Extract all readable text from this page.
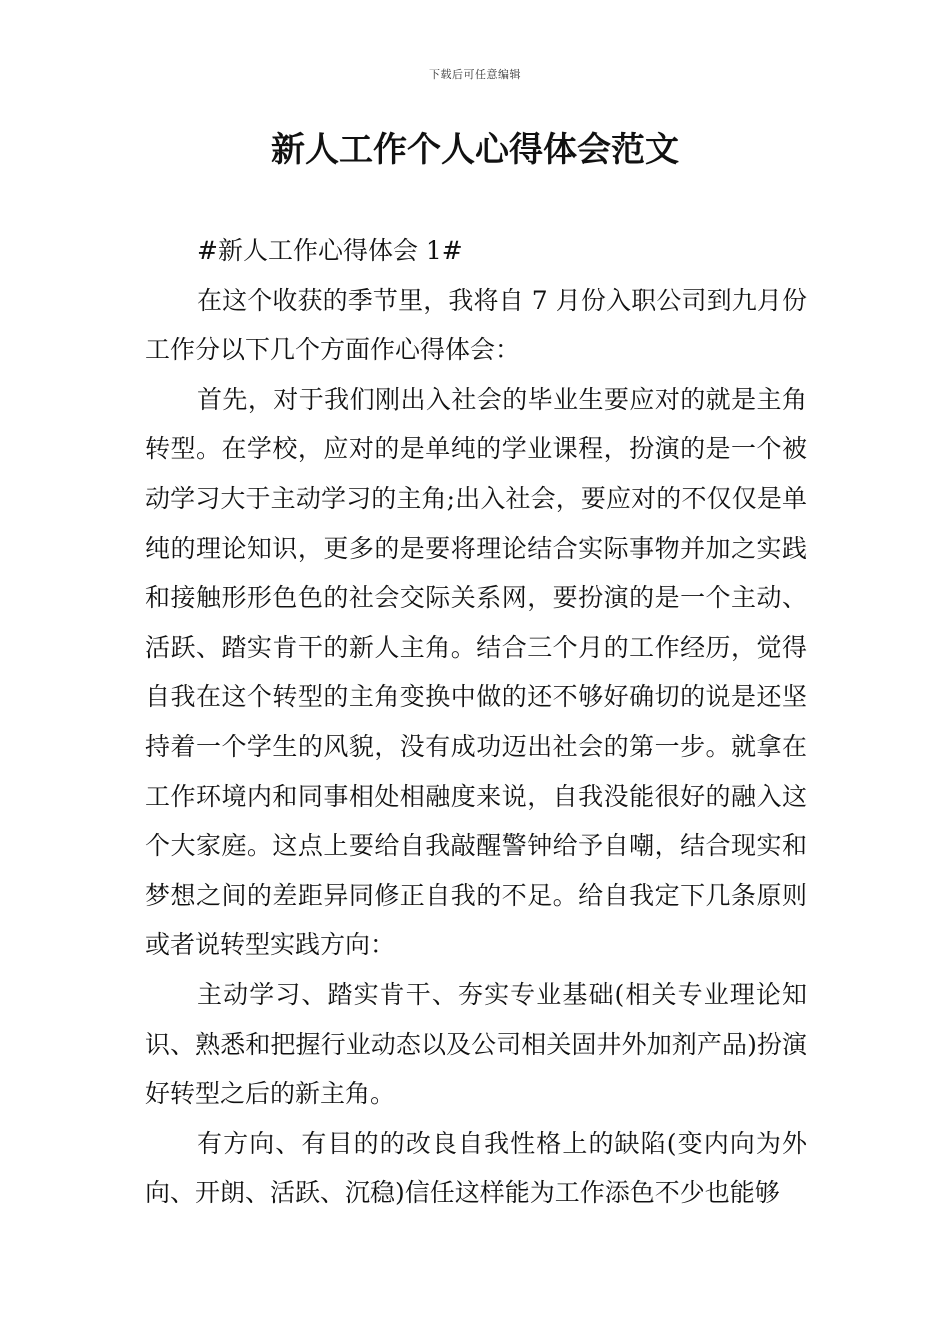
下载后可任意编辑
新人工作个人心得体会范文

#新人工作心得体会 1#

在这个收获的季节里，我将自 7 月份入职公司到九月份工作分以下几个方面作心得体会：

首先，对于我们刚出入社会的毕业生要应对的就是主角转型。在学校，应对的是单纯的学业课程，扮演的是一个被动学习大于主动学习的主角;出入社会，要应对的不仅仅是单纯的理论知识，更多的是要将理论结合实际事物并加之实践和接触形形色色的社会交际关系网，要扮演的是一个主动、活跃、踏实肯干的新人主角。结合三个月的工作经历，觉得自我在这个转型的主角变换中做的还不够好确切的说是还坚持着一个学生的风貌，没有成功迈出社会的第一步。就拿在工作环境内和同事相处相融度来说，自我没能很好的融入这个大家庭。这点上要给自我敲醒警钟给予自嘲，结合现实和梦想之间的差距异同修正自我的不足。给自我定下几条原则或者说转型实践方向：

主动学习、踏实肯干、夯实专业基础(相关专业理论知识、熟悉和把握行业动态以及公司相关固井外加剂产品)扮演好转型之后的新主角。

有方向、有目的的改良自我性格上的缺陷(变内向为外向、开朗、活跃、沉稳)信任这样能为工作添色不少也能够
